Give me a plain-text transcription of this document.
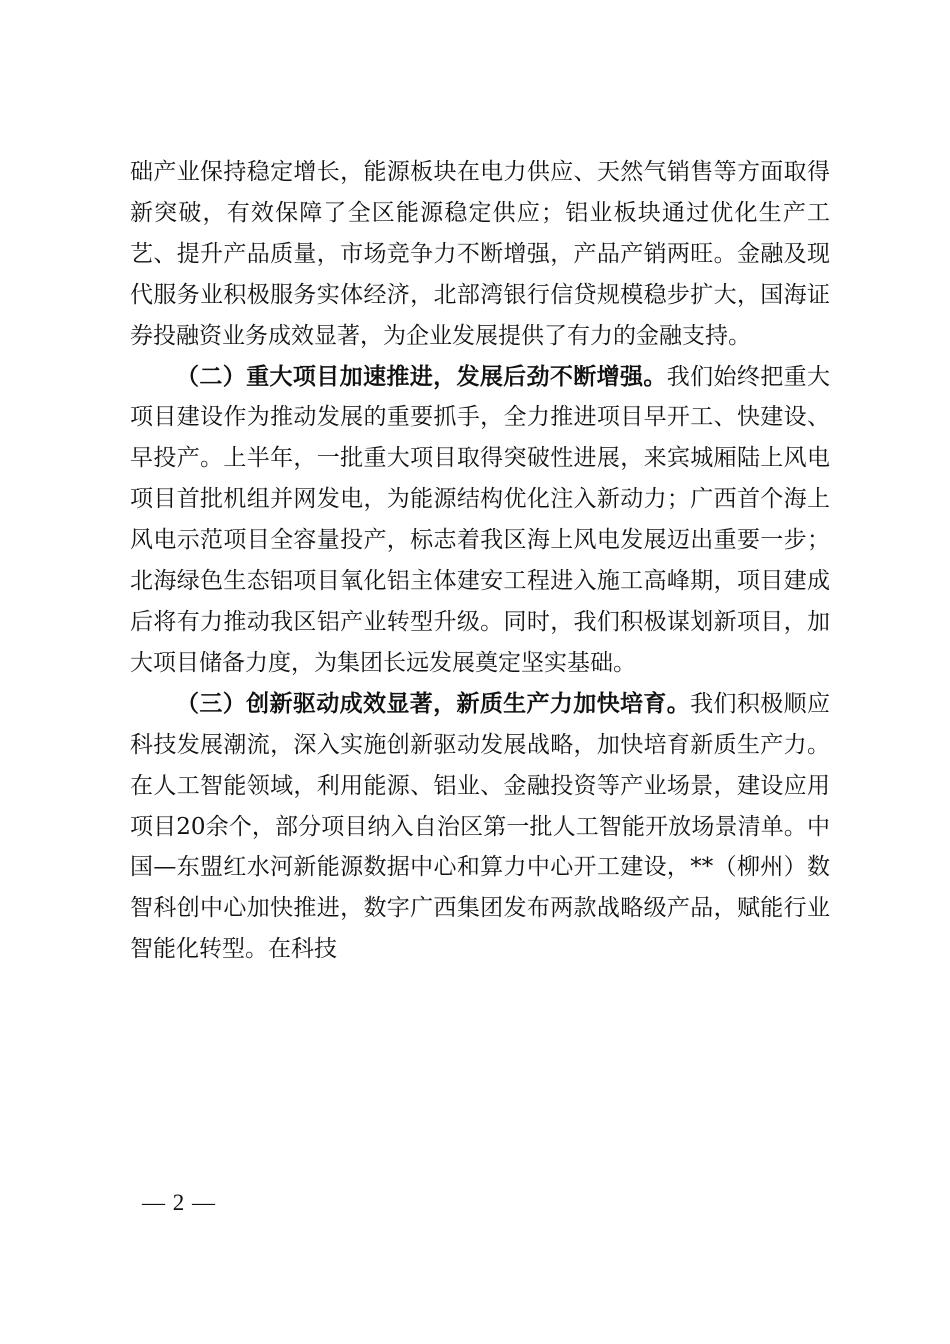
础产业保持稳定增长，能源板块在电力供应、天然气销售等方面取得新突破，有效保障了全区能源稳定供应；铝业板块通过优化生产工艺、提升产品质量，市场竞争力不断增强，产品产销两旺。金融及现代服务业积极服务实体经济，北部湾银行信贷规模稳步扩大，国海证券投融资业务成效显著，为企业发展提供了有力的金融支持。

（二）重大项目加速推进，发展后劲不断增强。我们始终把重大项目建设作为推动发展的重要抓手，全力推进项目早开工、快建设、早投产。上半年，一批重大项目取得突破性进展，来宾城厢陆上风电项目首批机组并网发电，为能源结构优化注入新动力；广西首个海上风电示范项目全容量投产，标志着我区海上风电发展迈出重要一步；北海绿色生态铝项目氧化铝主体建安工程进入施工高峰期，项目建成后将有力推动我区铝产业转型升级。同时，我们积极谋划新项目，加大项目储备力度，为集团长远发展奠定坚实基础。

（三）创新驱动成效显著，新质生产力加快培育。我们积极顺应科技发展潮流，深入实施创新驱动发展战略，加快培育新质生产力。在人工智能领域，利用能源、铝业、金融投资等产业场景，建设应用项目20余个，部分项目纳入自治区第一批人工智能开放场景清单。中国—东盟红水河新能源数据中心和算力中心开工建设，**（柳州）数智科创中心加快推进，数字广西集团发布两款战略级产品，赋能行业智能化转型。在科技

— 2 —
